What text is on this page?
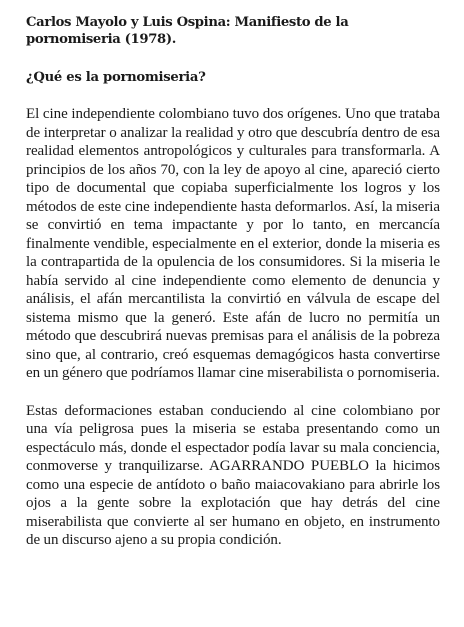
Carlos Mayolo y Luis Ospina: Manifiesto de la pornomiseria (1978).
¿Qué es la pornomiseria?

El cine independiente colombiano tuvo dos orígenes. Uno que trataba de interpretar o analizar la realidad y otro que descubría dentro de esa realidad elementos antropológicos y culturales para transformarla. A principios de los años 70, con la ley de apoyo al cine, apareció cierto tipo de documental que copiaba superficialmente los logros y los métodos de este cine independiente hasta deformarlos. Así, la miseria se convirtió en tema impactante y por lo tanto, en mercancía finalmente vendible, especialmente en el exterior, donde la miseria es la contrapartida de la opulencia de los consumidores. Si la miseria le había servido al cine independiente como elemento de denuncia y análisis, el afán mercantilista la convirtió en válvula de escape del sistema mismo que la generó. Este afán de lucro no permitía un método que descubrirá nuevas premisas para el análisis de la pobreza sino que, al contrario, creó esquemas demagógicos hasta convertirse en un género que podríamos llamar cine miserabilista o pornomiseria.

Estas deformaciones estaban conduciendo al cine colombiano por una vía peligrosa pues la miseria se estaba presentando como un espectáculo más, donde el espectador podía lavar su mala conciencia, conmoverse y tranquilizarse. AGARRANDO PUEBLO la hicimos como una especie de antídoto o baño maiacovakiano para abrirle los ojos a la gente sobre la explotación que hay detrás del cine miserabilista que convierte al ser humano en objeto, en instrumento de un discurso ajeno a su propia condición.
